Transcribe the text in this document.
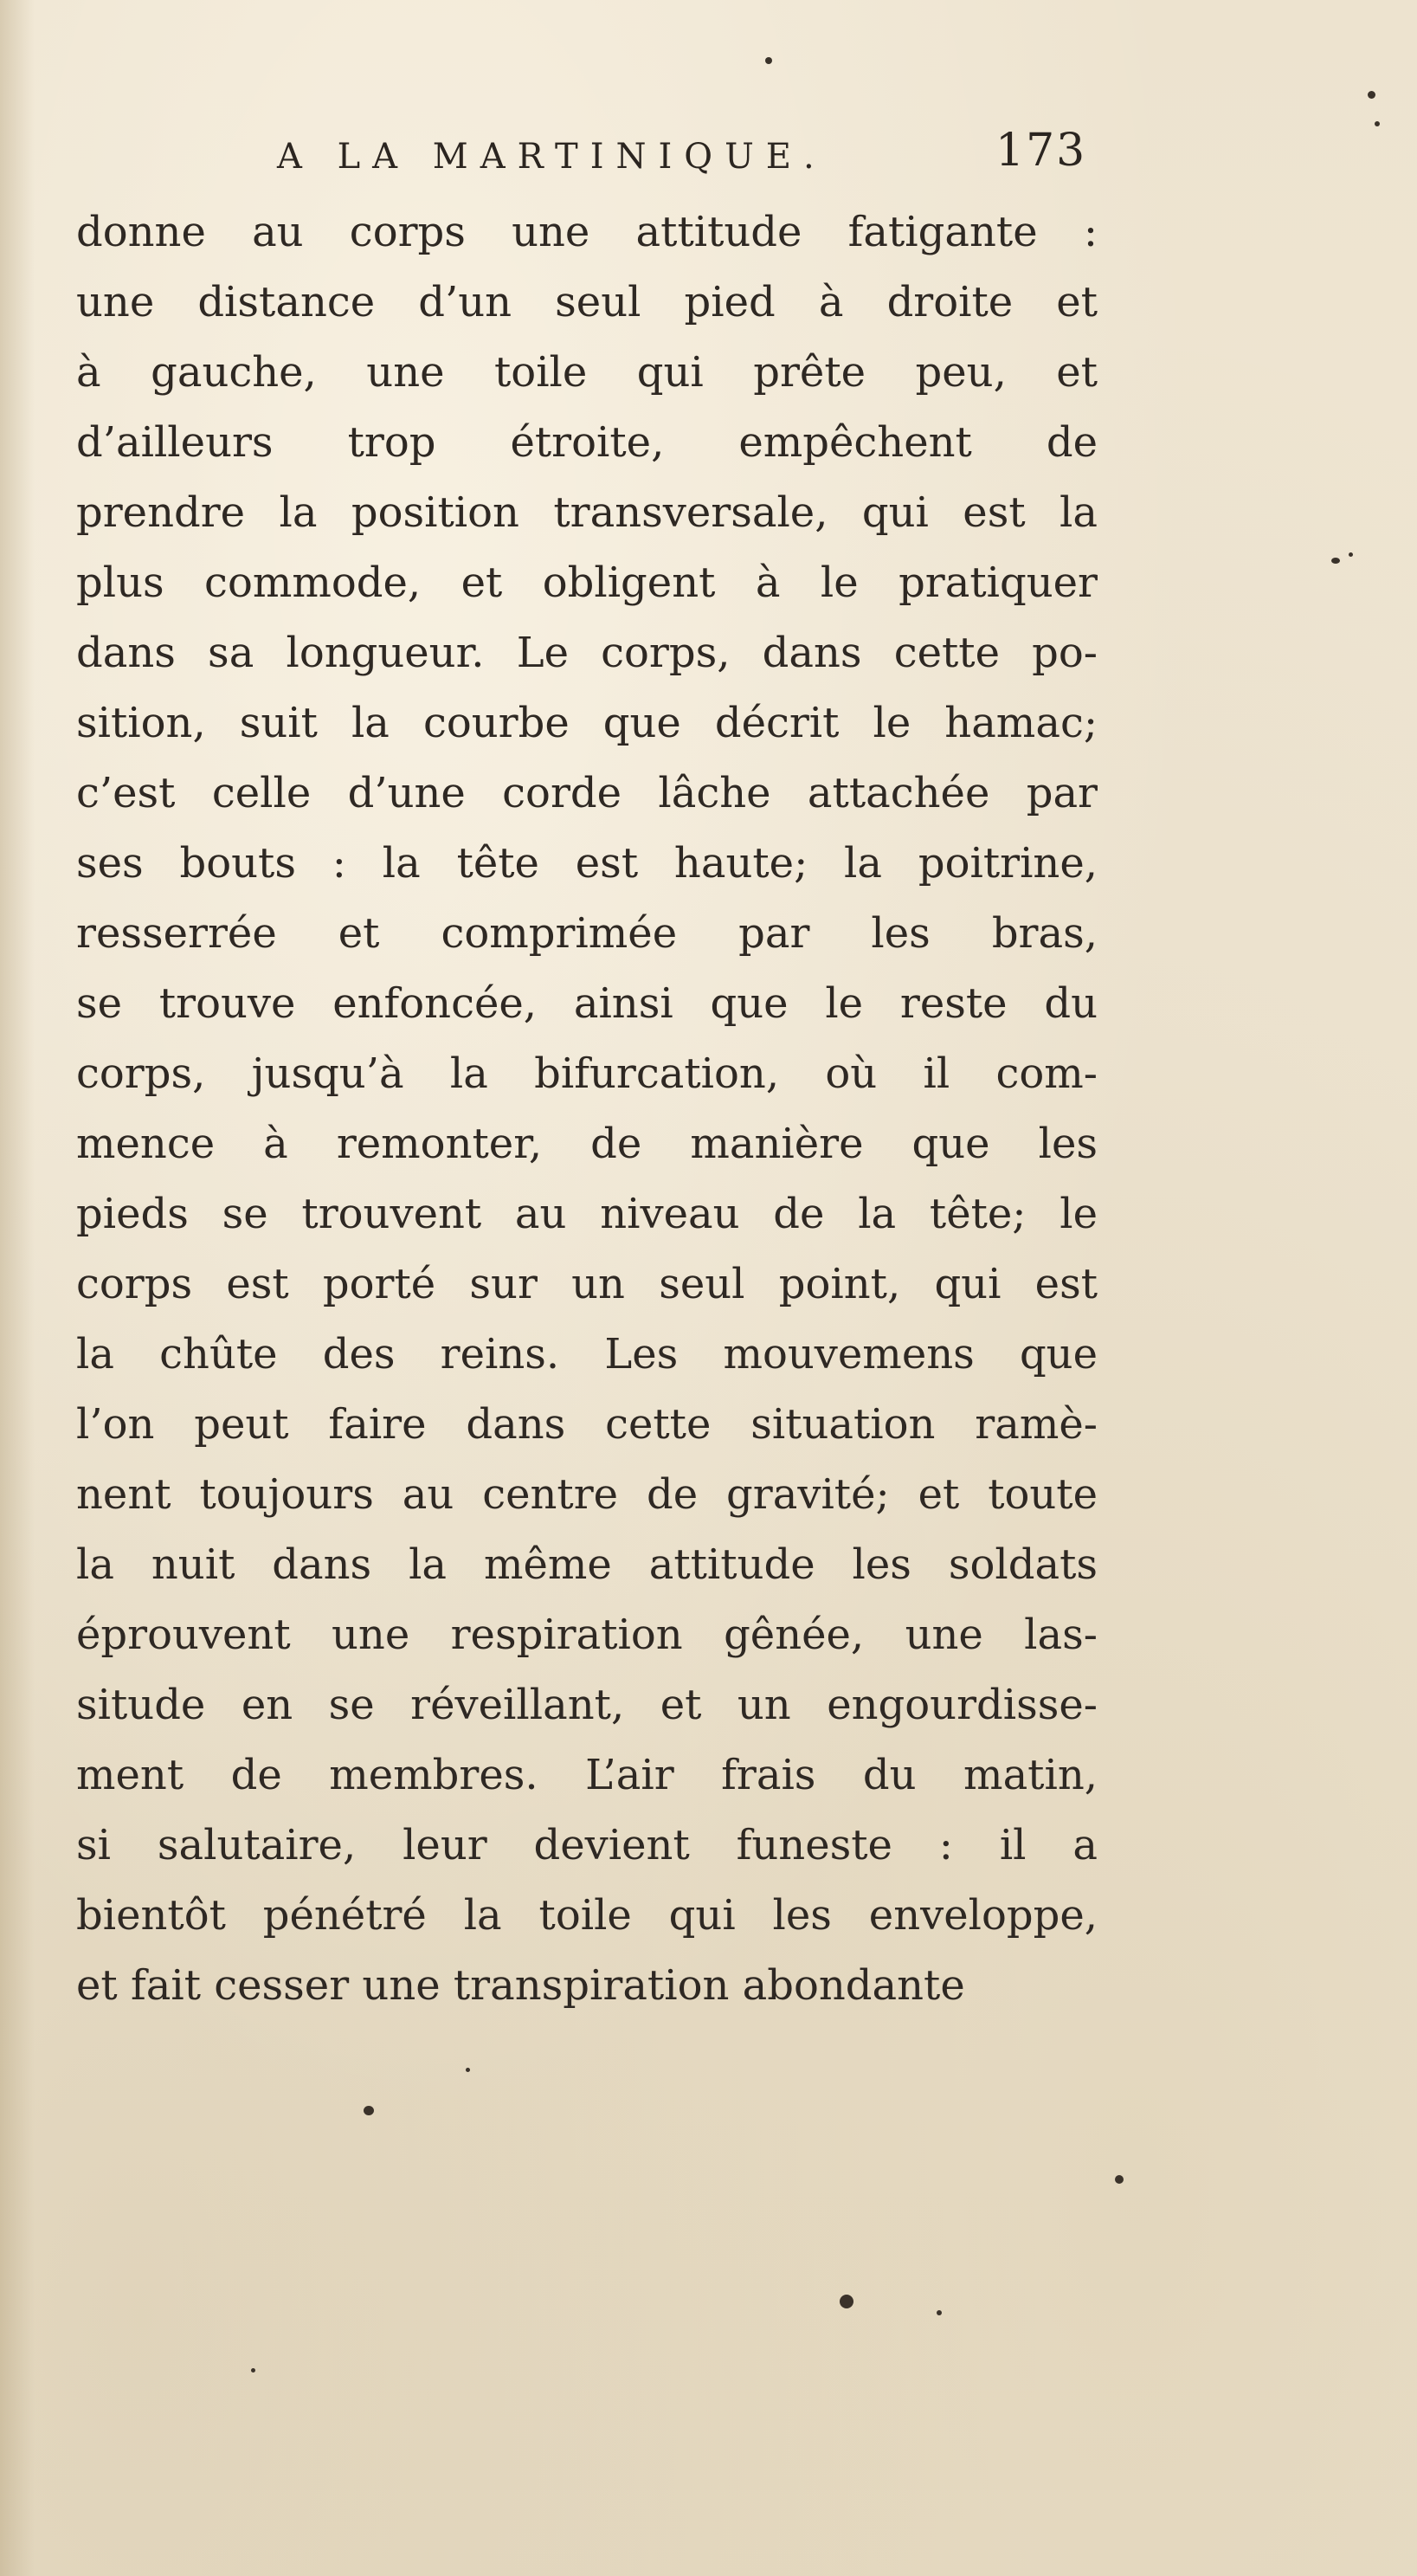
A LA MARTINIQUE.	173
donne au corps une attitude fatigante :
une distance d’un seul pied à droite et
à gauche, une toile qui prête peu, et
d’ailleurs trop étroite, empêchent de
prendre la position transversale, qui est la
plus commode, et obligent à le pratiquer
dans sa longueur. Le corps, dans cette po-
sition, suit la courbe que décrit le hamac;
c’est celle d’une corde lâche attachée par
ses bouts : la tête est haute; la poitrine,
resserrée et comprimée par les bras,
se trouve enfoncée, ainsi que le reste du
corps, jusqu’à la bifurcation, où il com-
mence à remonter, de manière que les
pieds se trouvent au niveau de la tête; le
corps est porté sur un seul point, qui est
la chûte des reins. Les mouvemens que
l’on peut faire dans cette situation ramè-
nent toujours au centre de gravité; et toute
la nuit dans la même attitude les soldats
éprouvent une respiration gênée, une las-
situde en se réveillant, et un engourdisse-
ment de membres. L’air frais du matin,
si salutaire, leur devient funeste : il a
bientôt pénétré la toile qui les enveloppe,
et fait cesser une transpiration abondante
